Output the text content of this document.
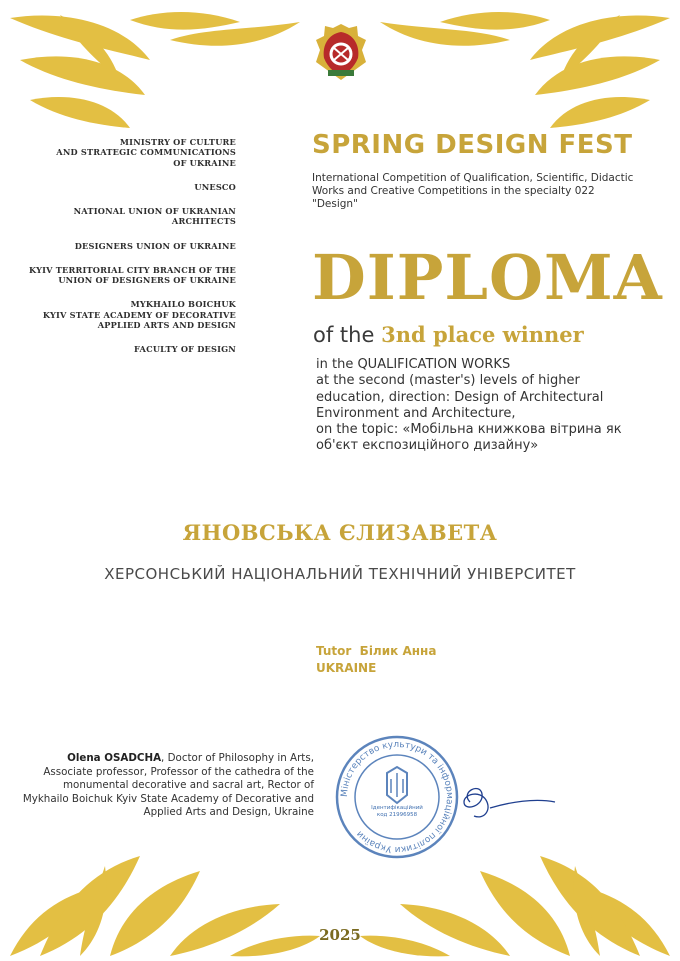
MINISTRY OF CULTURE
AND STRATEGIC COMMUNICATIONS
OF UKRAINE
UNESCO
NATIONAL UNION OF UKRANIAN
ARCHITECTS
DESIGNERS UNION OF UKRAINE
KYIV TERRITORIAL CITY BRANCH OF THE
UNION OF DESIGNERS OF UKRAINE
MYKHAILO BOICHUK
KYIV STATE ACADEMY OF DECORATIVE
APPLIED ARTS AND DESIGN
FACULTY OF DESIGN
SPRING DESIGN FEST
International Competition of Qualification, Scientific, Didactic Works and Creative Competitions in the specialty 022 "Design"
DIPLOMA
of the 3nd place winner
in the QUALIFICATION WORKS
at the second (master's) levels of higher
education, direction: Design of Architectural
Environment and Architecture,
on the topic: «Мобільна книжкова вітрина як
об'єкт експозиційного дизайну»
ЯНОВСЬКА ЄЛИЗАВЕТА
ХЕРСОНСЬКИЙ НАЦІОНАЛЬНИЙ ТЕХНІЧНИЙ УНІВЕРСИТЕТ
Tutor Білик Анна
UKRAINE
Olena OSADCHA, Doctor of Philosophy in Arts, Associate professor, Professor of the cathedra of the monumental decorative and sacral art, Rector of Mykhailo Boichuk Kyiv State Academy of Decorative and Applied Arts and Design, Ukraine
Міністерство культури та інформаційної політики України
Ідентифікаційний код 21996958
2025
